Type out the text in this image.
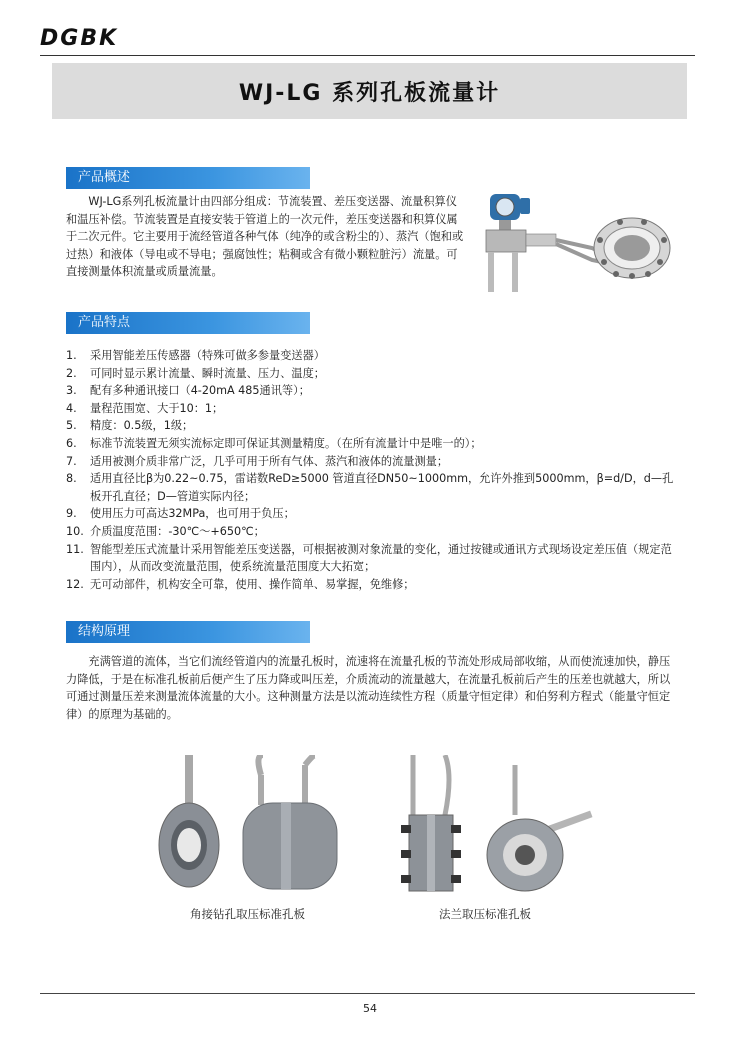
DGBK
WJ-LG 系列孔板流量计
产品概述

WJ-LG系列孔板流量计由四部分组成：节流装置、差压变送器、流量积算仪和温压补偿。节流装置是直接安装于管道上的一次元件，差压变送器和积算仪属于二次元件。它主要用于流经管道各种气体（纯净的或含粉尘的）、蒸汽（饱和或过热）和液体（导电或不导电；强腐蚀性；粘稠或含有微小颗粒脏污）流量。可直接测量体积流量或质量流量。

产品特点
1. 采用智能差压传感器（特殊可做多参量变送器）
2. 可同时显示累计流量、瞬时流量、压力、温度；
3. 配有多种通讯接口（4-20mA 485通讯等）；
4. 量程范围宽、大于10：1；
5. 精度：0.5级，1级；
6. 标准节流装置无须实流标定即可保证其测量精度。（在所有流量计中是唯一的）；
7. 适用被测介质非常广泛，几乎可用于所有气体、蒸汽和液体的流量测量；
8. 适用直径比β为0.22~0.75，雷诺数ReD≥5000 管道直径DN50~1000mm，允许外推到5000mm，β=d/D，d—孔板开孔直径；D—管道实际内径；
9. 使用压力可高达32MPa，也可用于负压；
10. 介质温度范围：-30℃～+650℃；
11. 智能型差压式流量计采用智能差压变送器，可根据被测对象流量的变化，通过按键或通讯方式现场设定差压值（规定范围内），从而改变流量范围，使系统流量范围度大大拓宽；
12. 无可动部件，机构安全可靠，使用、操作简单、易掌握，免维修；
结构原理

充满管道的流体，当它们流经管道内的流量孔板时，流速将在流量孔板的节流处形成局部收缩，从而使流速加快，静压力降低，于是在标准孔板前后便产生了压力降或叫压差，介质流动的流量越大，在流量孔板前后产生的压差也就越大，所以可通过测量压差来测量流体流量的大小。这种测量方法是以流动连续性方程（质量守恒定律）和伯努利方程式（能量守恒定律）的原理为基础的。

角接钻孔取压标准孔板	法兰取压标准孔板
54
